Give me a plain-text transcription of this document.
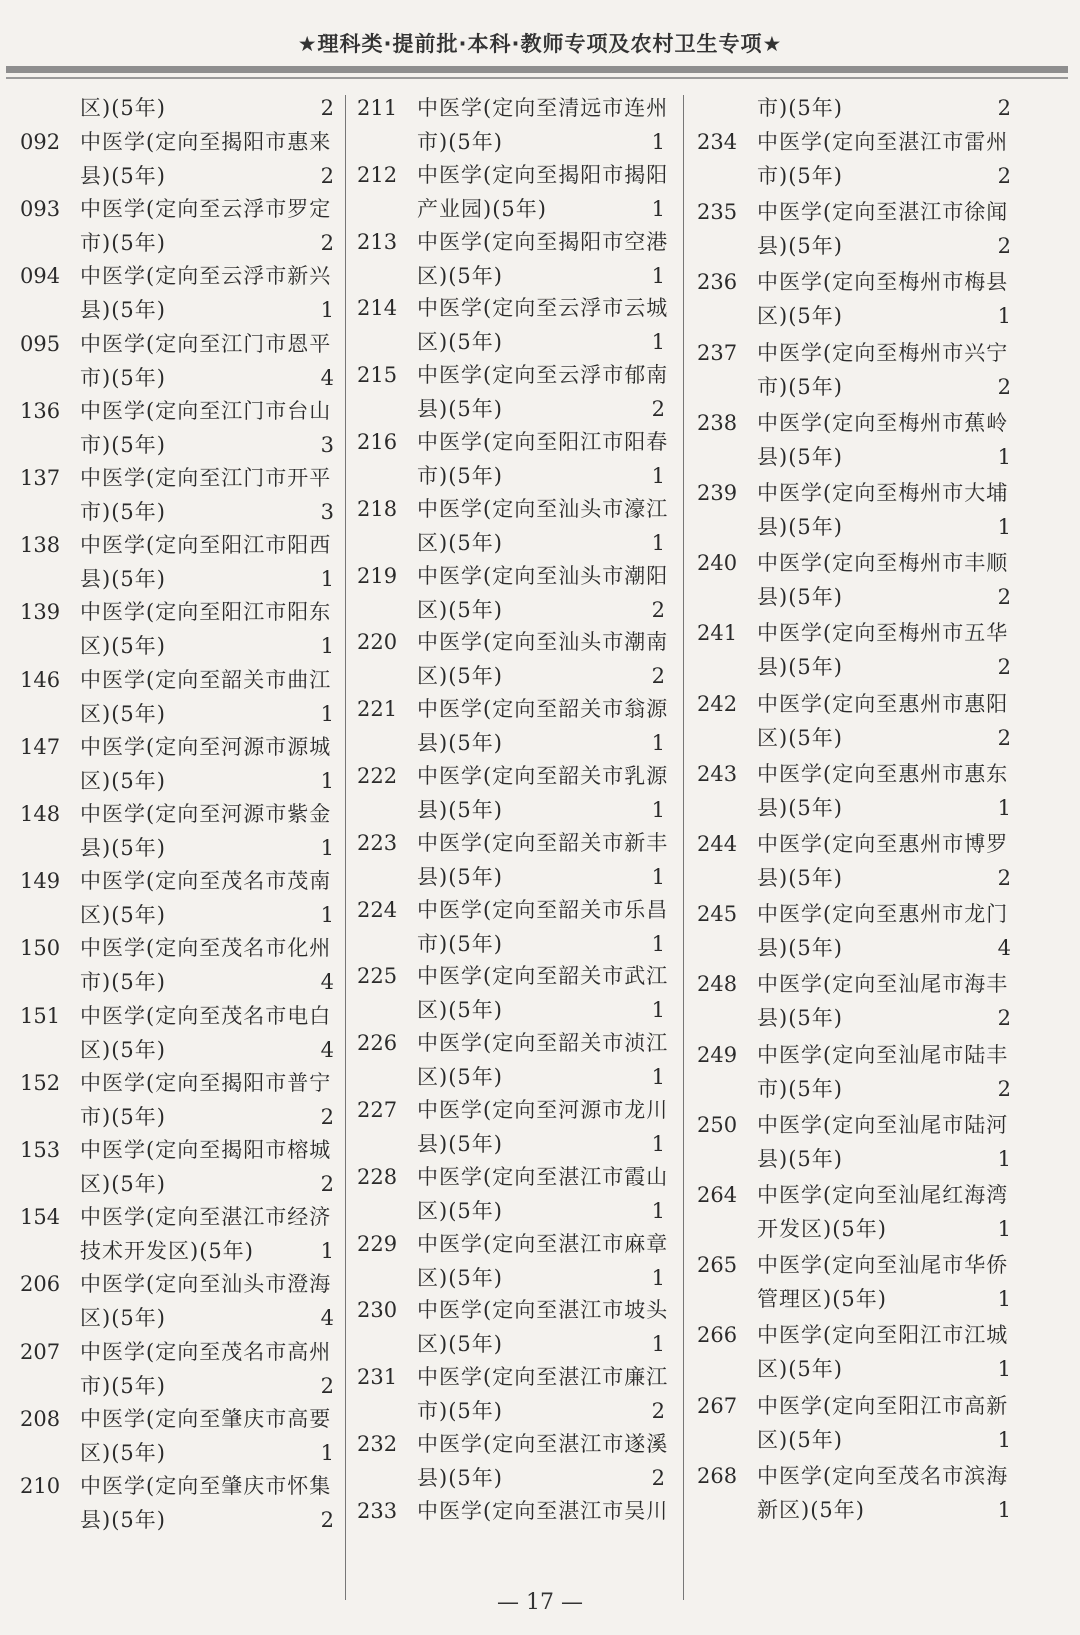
★理科类·提前批·本科·教师专项及农村卫生专项★
区)(5年)	2
092 中医学(定向至揭阳市惠来
县)(5年)	2
093 中医学(定向至云浮市罗定
市)(5年)	2
094 中医学(定向至云浮市新兴
县)(5年)	1
095 中医学(定向至江门市恩平
市)(5年)	4
136 中医学(定向至江门市台山
市)(5年)	3
137 中医学(定向至江门市开平
市)(5年)	3
138 中医学(定向至阳江市阳西
县)(5年)	1
139 中医学(定向至阳江市阳东
区)(5年)	1
146 中医学(定向至韶关市曲江
区)(5年)	1
147 中医学(定向至河源市源城
区)(5年)	1
148 中医学(定向至河源市紫金
县)(5年)	1
149 中医学(定向至茂名市茂南
区)(5年)	1
150 中医学(定向至茂名市化州
市)(5年)	4
151 中医学(定向至茂名市电白
区)(5年)	4
152 中医学(定向至揭阳市普宁
市)(5年)	2
153 中医学(定向至揭阳市榕城
区)(5年)	2
154 中医学(定向至湛江市经济
技术开发区)(5年)	1
206 中医学(定向至汕头市澄海
区)(5年)	4
207 中医学(定向至茂名市高州
市)(5年)	2
208 中医学(定向至肇庆市高要
区)(5年)	1
210 中医学(定向至肇庆市怀集
县)(5年)	2
211 中医学(定向至清远市连州
市)(5年)	1
212 中医学(定向至揭阳市揭阳
产业园)(5年)	1
213 中医学(定向至揭阳市空港
区)(5年)	1
214 中医学(定向至云浮市云城
区)(5年)	1
215 中医学(定向至云浮市郁南
县)(5年)	2
216 中医学(定向至阳江市阳春
市)(5年)	1
218 中医学(定向至汕头市濠江
区)(5年)	1
219 中医学(定向至汕头市潮阳
区)(5年)	2
220 中医学(定向至汕头市潮南
区)(5年)	2
221 中医学(定向至韶关市翁源
县)(5年)	1
222 中医学(定向至韶关市乳源
县)(5年)	1
223 中医学(定向至韶关市新丰
县)(5年)	1
224 中医学(定向至韶关市乐昌
市)(5年)	1
225 中医学(定向至韶关市武江
区)(5年)	1
226 中医学(定向至韶关市浈江
区)(5年)	1
227 中医学(定向至河源市龙川
县)(5年)	1
228 中医学(定向至湛江市霞山
区)(5年)	1
229 中医学(定向至湛江市麻章
区)(5年)	1
230 中医学(定向至湛江市坡头
区)(5年)	1
231 中医学(定向至湛江市廉江
市)(5年)	2
232 中医学(定向至湛江市遂溪
县)(5年)	2
233 中医学(定向至湛江市吴川
市)(5年)	2
234 中医学(定向至湛江市雷州
市)(5年)	2
235 中医学(定向至湛江市徐闻
县)(5年)	2
236 中医学(定向至梅州市梅县
区)(5年)	1
237 中医学(定向至梅州市兴宁
市)(5年)	2
238 中医学(定向至梅州市蕉岭
县)(5年)	1
239 中医学(定向至梅州市大埔
县)(5年)	1
240 中医学(定向至梅州市丰顺
县)(5年)	2
241 中医学(定向至梅州市五华
县)(5年)	2
242 中医学(定向至惠州市惠阳
区)(5年)	2
243 中医学(定向至惠州市惠东
县)(5年)	1
244 中医学(定向至惠州市博罗
县)(5年)	2
245 中医学(定向至惠州市龙门
县)(5年)	4
248 中医学(定向至汕尾市海丰
县)(5年)	2
249 中医学(定向至汕尾市陆丰
市)(5年)	2
250 中医学(定向至汕尾市陆河
县)(5年)	1
264 中医学(定向至汕尾红海湾
开发区)(5年)	1
265 中医学(定向至汕尾市华侨
管理区)(5年)	1
266 中医学(定向至阳江市江城
区)(5年)	1
267 中医学(定向至阳江市高新
区)(5年)	1
268 中医学(定向至茂名市滨海
新区)(5年)	1
— 17 —
